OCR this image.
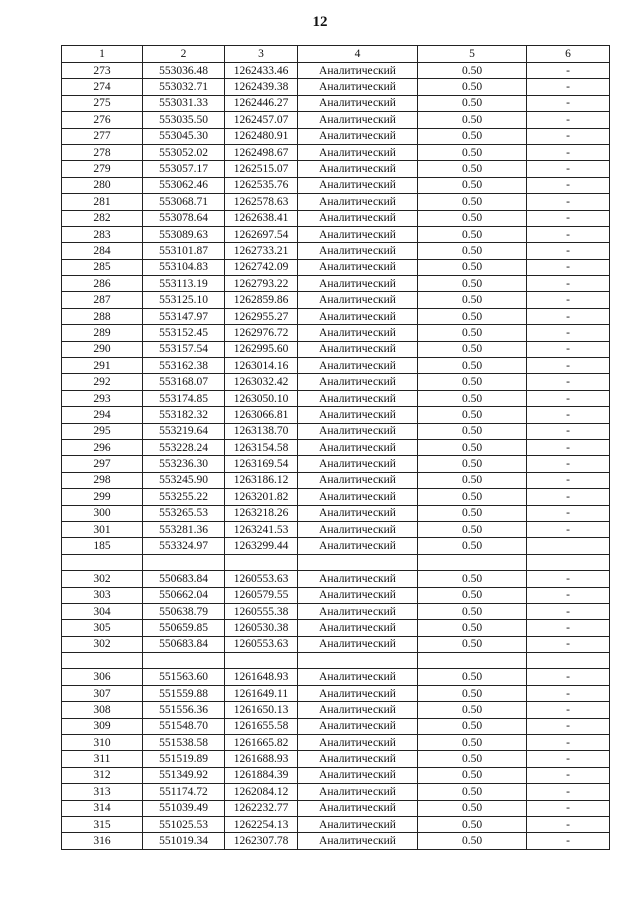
12
1	2	3	4	5	6
273	553036.48	1262433.46	Аналитический	0.50	-
274	553032.71	1262439.38	Аналитический	0.50	-
275	553031.33	1262446.27	Аналитический	0.50	-
276	553035.50	1262457.07	Аналитический	0.50	-
277	553045.30	1262480.91	Аналитический	0.50	-
278	553052.02	1262498.67	Аналитический	0.50	-
279	553057.17	1262515.07	Аналитический	0.50	-
280	553062.46	1262535.76	Аналитический	0.50	-
281	553068.71	1262578.63	Аналитический	0.50	-
282	553078.64	1262638.41	Аналитический	0.50	-
283	553089.63	1262697.54	Аналитический	0.50	-
284	553101.87	1262733.21	Аналитический	0.50	-
285	553104.83	1262742.09	Аналитический	0.50	-
286	553113.19	1262793.22	Аналитический	0.50	-
287	553125.10	1262859.86	Аналитический	0.50	-
288	553147.97	1262955.27	Аналитический	0.50	-
289	553152.45	1262976.72	Аналитический	0.50	-
290	553157.54	1262995.60	Аналитический	0.50	-
291	553162.38	1263014.16	Аналитический	0.50	-
292	553168.07	1263032.42	Аналитический	0.50	-
293	553174.85	1263050.10	Аналитический	0.50	-
294	553182.32	1263066.81	Аналитический	0.50	-
295	553219.64	1263138.70	Аналитический	0.50	-
296	553228.24	1263154.58	Аналитический	0.50	-
297	553236.30	1263169.54	Аналитический	0.50	-
298	553245.90	1263186.12	Аналитический	0.50	-
299	553255.22	1263201.82	Аналитический	0.50	-
300	553265.53	1263218.26	Аналитический	0.50	-
301	553281.36	1263241.53	Аналитический	0.50	-
185	553324.97	1263299.44	Аналитический	0.50	

302	550683.84	1260553.63	Аналитический	0.50	-
303	550662.04	1260579.55	Аналитический	0.50	-
304	550638.79	1260555.38	Аналитический	0.50	-
305	550659.85	1260530.38	Аналитический	0.50	-
302	550683.84	1260553.63	Аналитический	0.50	-

306	551563.60	1261648.93	Аналитический	0.50	-
307	551559.88	1261649.11	Аналитический	0.50	-
308	551556.36	1261650.13	Аналитический	0.50	-
309	551548.70	1261655.58	Аналитический	0.50	-
310	551538.58	1261665.82	Аналитический	0.50	-
311	551519.89	1261688.93	Аналитический	0.50	-
312	551349.92	1261884.39	Аналитический	0.50	-
313	551174.72	1262084.12	Аналитический	0.50	-
314	551039.49	1262232.77	Аналитический	0.50	-
315	551025.53	1262254.13	Аналитический	0.50	-
316	551019.34	1262307.78	Аналитический	0.50	-
